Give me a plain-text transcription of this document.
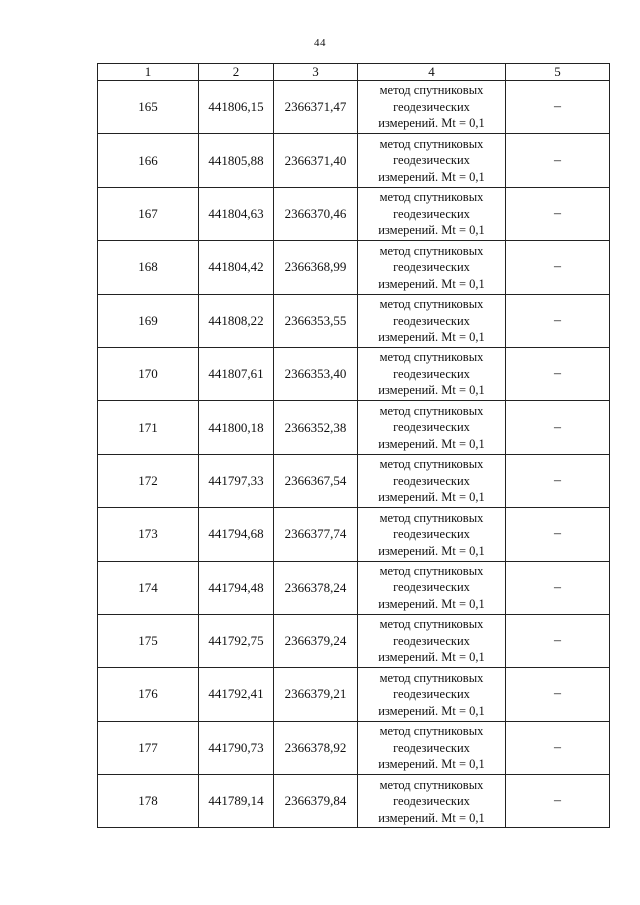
44
1	2	3	4	5
165	441806,15	2366371,47	метод спутниковых
геодезических
измерений. Mt = 0,1	–
166	441805,88	2366371,40	метод спутниковых
геодезических
измерений. Mt = 0,1	–
167	441804,63	2366370,46	метод спутниковых
геодезических
измерений. Mt = 0,1	–
168	441804,42	2366368,99	метод спутниковых
геодезических
измерений. Mt = 0,1	–
169	441808,22	2366353,55	метод спутниковых
геодезических
измерений. Mt = 0,1	–
170	441807,61	2366353,40	метод спутниковых
геодезических
измерений. Mt = 0,1	–
171	441800,18	2366352,38	метод спутниковых
геодезических
измерений. Mt = 0,1	–
172	441797,33	2366367,54	метод спутниковых
геодезических
измерений. Mt = 0,1	–
173	441794,68	2366377,74	метод спутниковых
геодезических
измерений. Mt = 0,1	–
174	441794,48	2366378,24	метод спутниковых
геодезических
измерений. Mt = 0,1	–
175	441792,75	2366379,24	метод спутниковых
геодезических
измерений. Mt = 0,1	–
176	441792,41	2366379,21	метод спутниковых
геодезических
измерений. Mt = 0,1	–
177	441790,73	2366378,92	метод спутниковых
геодезических
измерений. Mt = 0,1	–
178	441789,14	2366379,84	метод спутниковых
геодезических
измерений. Mt = 0,1	–
